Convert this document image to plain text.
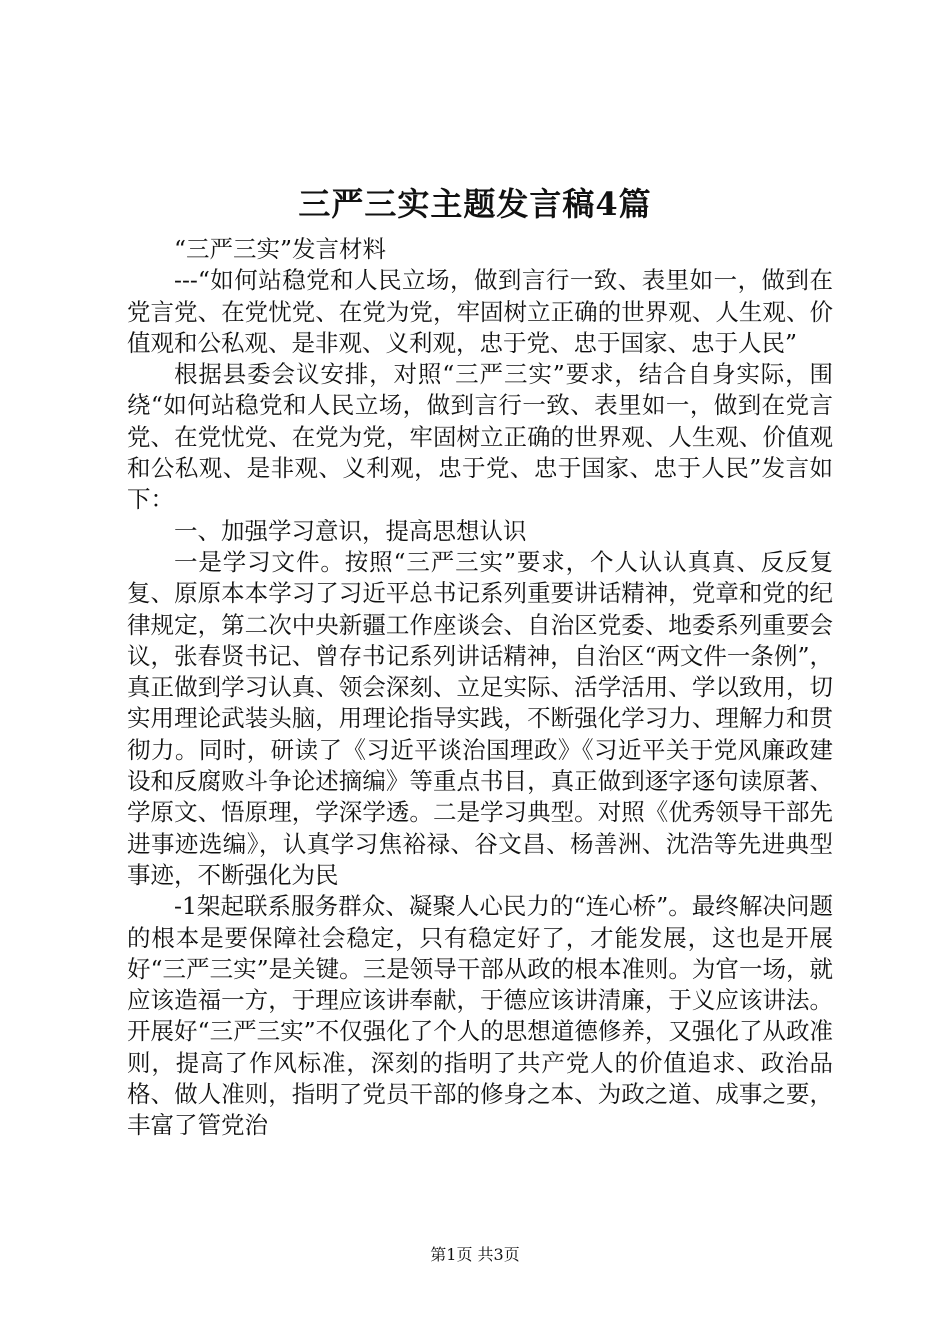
三严三实主题发言稿4篇

“三严三实”发言材料

---“如何站稳党和人民立场，做到言行一致、表里如一，做到在党言党、在党忧党、在党为党，牢固树立正确的世界观、人生观、价值观和公私观、是非观、义利观，忠于党、忠于国家、忠于人民”

根据县委会议安排，对照“三严三实”要求，结合自身实际，围绕“如何站稳党和人民立场，做到言行一致、表里如一，做到在党言党、在党忧党、在党为党，牢固树立正确的世界观、人生观、价值观和公私观、是非观、义利观，忠于党、忠于国家、忠于人民”发言如下：

一、加强学习意识，提高思想认识

一是学习文件。按照“三严三实”要求，个人认认真真、反反复复、原原本本学习了习近平总书记系列重要讲话精神，党章和党的纪律规定，第二次中央新疆工作座谈会、自治区党委、地委系列重要会议，张春贤书记、曾存书记系列讲话精神，自治区“两文件一条例”，真正做到学习认真、领会深刻、立足实际、活学活用、学以致用，切实用理论武装头脑，用理论指导实践，不断强化学习力、理解力和贯彻力。同时，研读了《习近平谈治国理政》《习近平关于党风廉政建设和反腐败斗争论述摘编》等重点书目，真正做到逐字逐句读原著、学原文、悟原理，学深学透。二是学习典型。对照《优秀领导干部先进事迹选编》，认真学习焦裕禄、谷文昌、杨善洲、沈浩等先进典型事迹，不断强化为民

-1架起联系服务群众、凝聚人心民力的“连心桥”。最终解决问题的根本是要保障社会稳定，只有稳定好了，才能发展，这也是开展好“三严三实”是关键。三是领导干部从政的根本准则。为官一场，就应该造福一方，于理应该讲奉献，于德应该讲清廉，于义应该讲法。开展好“三严三实”不仅强化了个人的思想道德修养，又强化了从政准则，提高了作风标准，深刻的指明了共产党人的价值追求、政治品格、做人准则，指明了党员干部的修身之本、为政之道、成事之要，丰富了管党治

第1页 共3页
